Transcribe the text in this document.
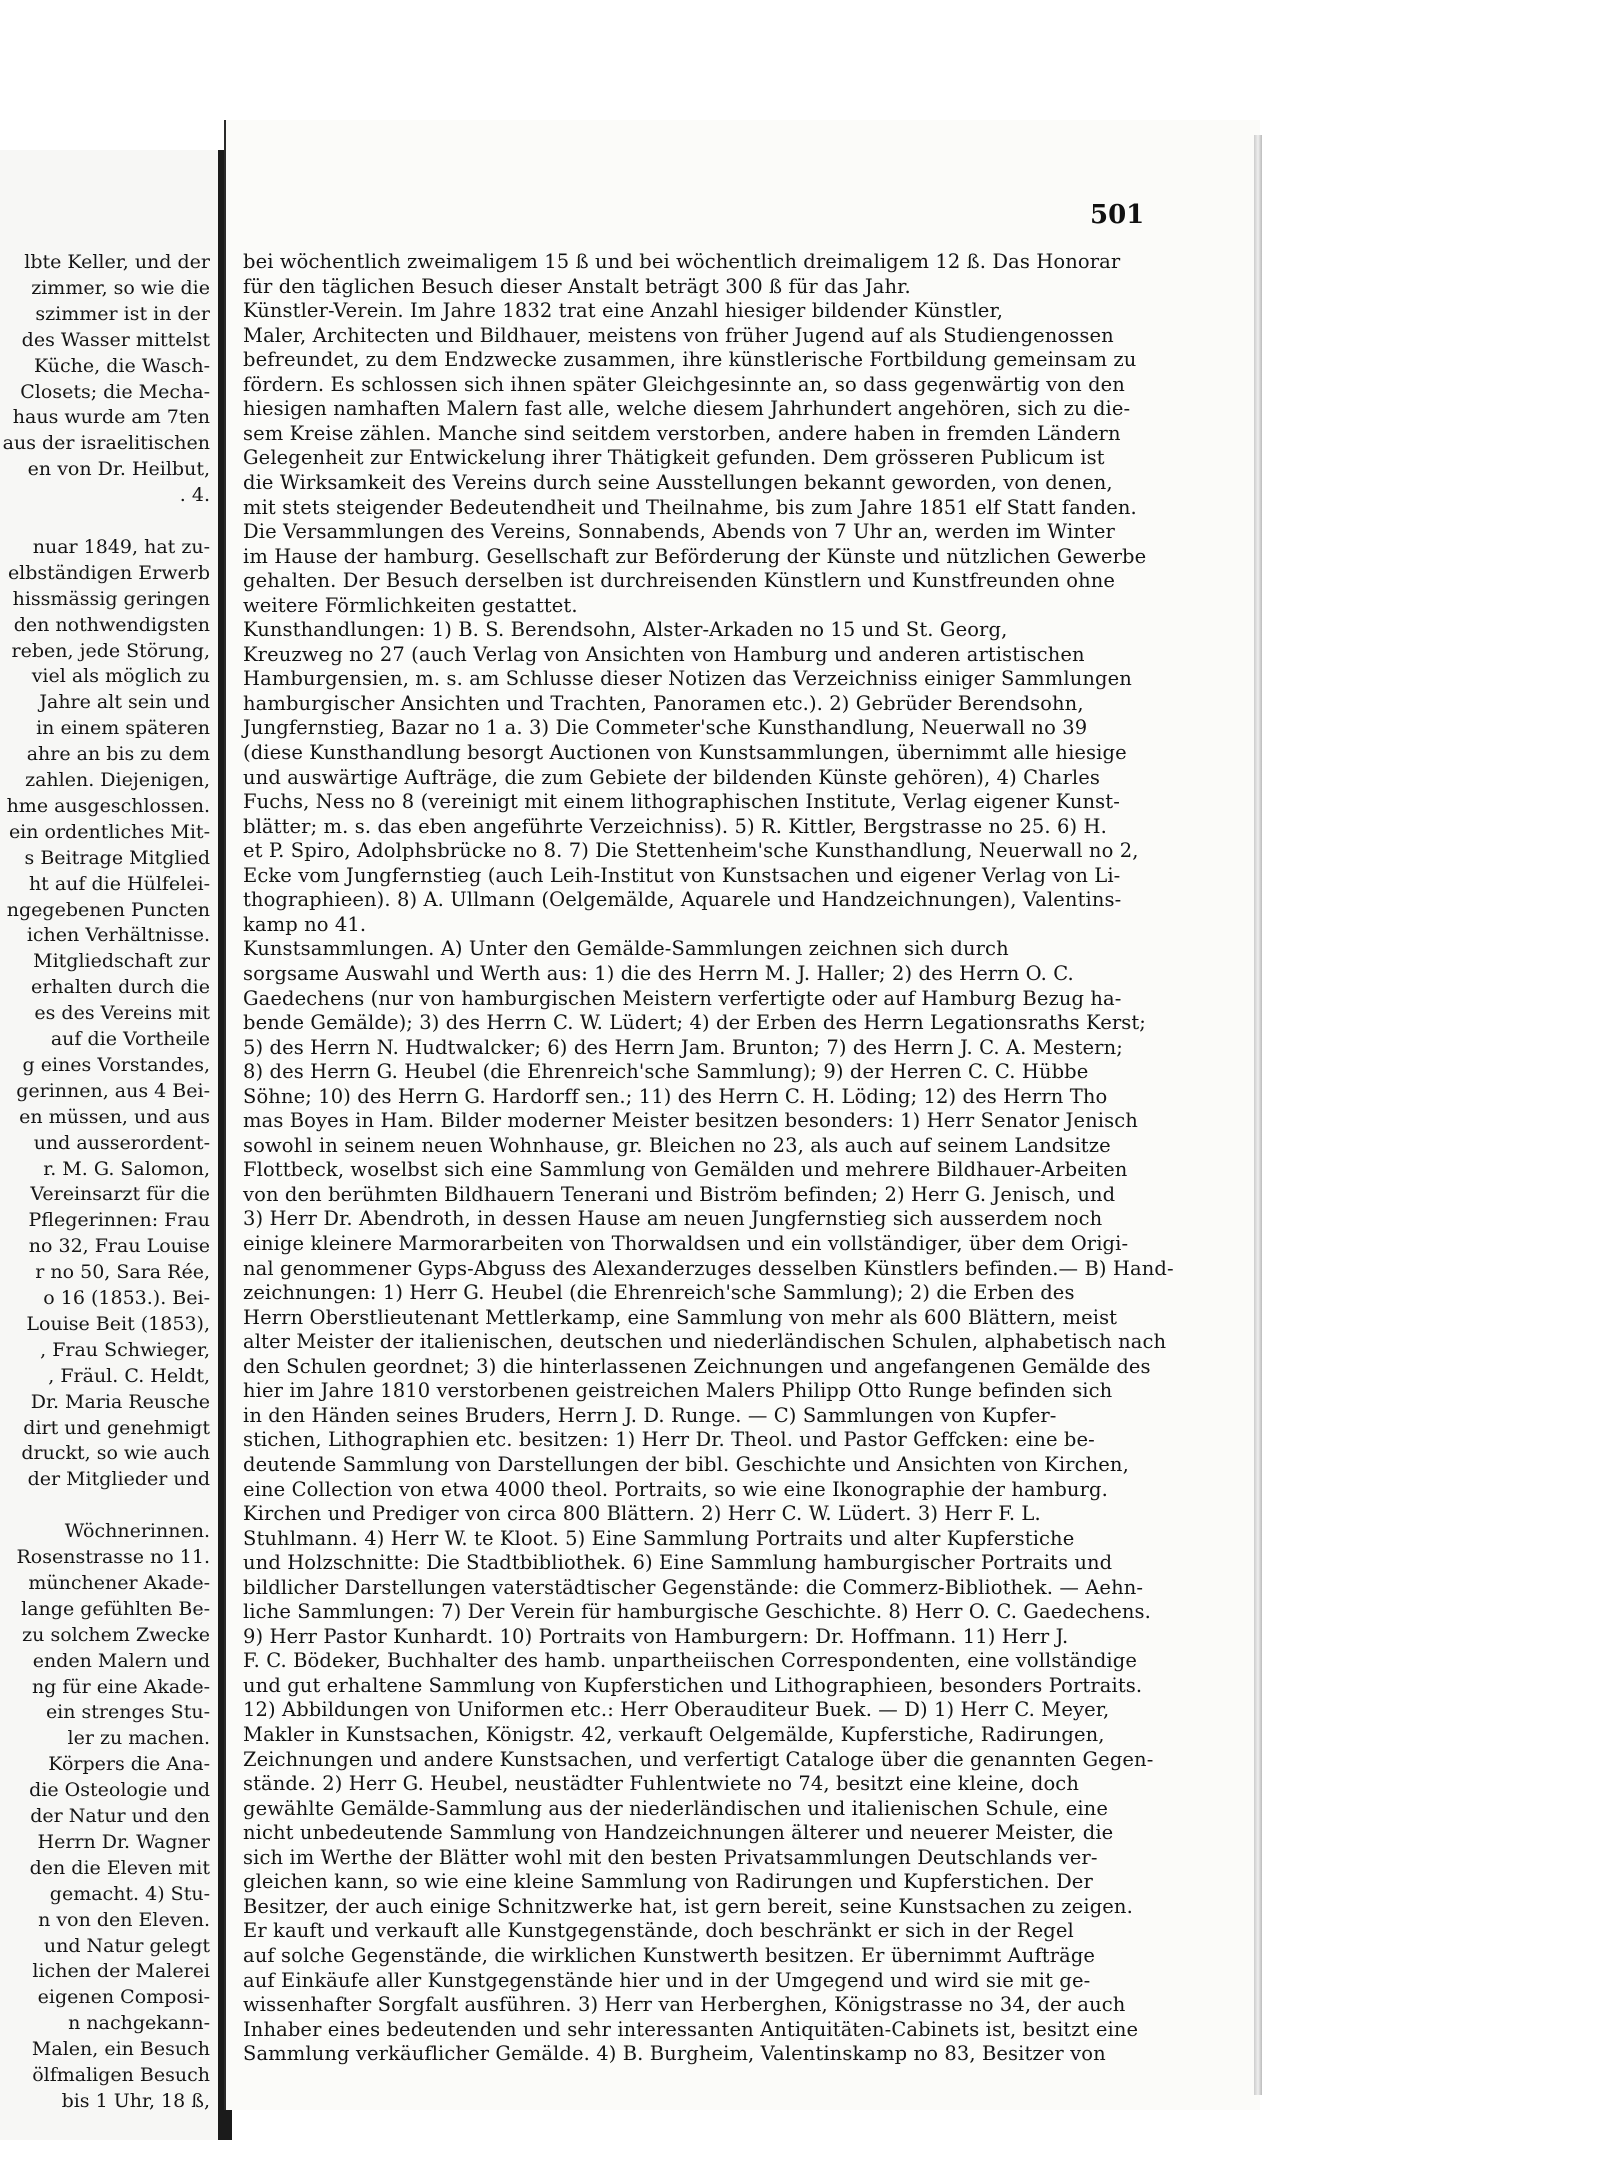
lbte Keller, und der
zimmer, so wie die
szimmer ist in der
des Wasser mittelst
Küche, die Wasch-
Closets; die Mecha-
haus wurde am 7ten
aus der israelitischen
en von Dr. Heilbut,
. 4.
nuar 1849, hat zu-
elbständigen Erwerb
hissmässig geringen
den nothwendigsten
reben, jede Störung,
viel als möglich zu
Jahre alt sein und
in einem späteren
ahre an bis zu dem
zahlen. Diejenigen,
hme ausgeschlossen.
ein ordentliches Mit-
s Beitrage Mitglied
ht auf die Hülfelei-
ngegebenen Puncten
ichen Verhältnisse.
Mitgliedschaft zur
erhalten durch die
es des Vereins mit
auf die Vortheile
g eines Vorstandes,
gerinnen, aus 4 Bei-
en müssen, und aus
und ausserordent-
r. M. G. Salomon,
Vereinsarzt für die
Pflegerinnen: Frau
no 32, Frau Louise
r no 50, Sara Rée,
o 16 (1853.). Bei-
Louise Beit (1853),
, Frau Schwieger,
, Fräul. C. Heldt,
Dr. Maria Reusche
dirt und genehmigt
druckt, so wie auch
der Mitglieder und
Wöchnerinnen.
Rosenstrasse no 11.
münchener Akade-
lange gefühlten Be-
zu solchem Zwecke
enden Malern und
ng für eine Akade-
ein strenges Stu-
ler zu machen.
Körpers die Ana-
die Osteologie und
der Natur und den
Herrn Dr. Wagner
den die Eleven mit
gemacht. 4) Stu-
n von den Eleven.
und Natur gelegt
lichen der Malerei
eigenen Composi-
n nachgekann-
Malen, ein Besuch
ölfmaligen Besuch
bis 1 Uhr, 18 ß,
501
bei wöchentlich zweimaligem 15 ß und bei wöchentlich dreimaligem 12 ß. Das Honorar
für den täglichen Besuch dieser Anstalt beträgt 300 ß für das Jahr.
Künstler-Verein. Im Jahre 1832 trat eine Anzahl hiesiger bildender Künstler,
Maler, Architecten und Bildhauer, meistens von früher Jugend auf als Studiengenossen
befreundet, zu dem Endzwecke zusammen, ihre künstlerische Fortbildung gemeinsam zu
fördern. Es schlossen sich ihnen später Gleichgesinnte an, so dass gegenwärtig von den
hiesigen namhaften Malern fast alle, welche diesem Jahrhundert angehören, sich zu die-
sem Kreise zählen. Manche sind seitdem verstorben, andere haben in fremden Ländern
Gelegenheit zur Entwickelung ihrer Thätigkeit gefunden. Dem grösseren Publicum ist
die Wirksamkeit des Vereins durch seine Ausstellungen bekannt geworden, von denen,
mit stets steigender Bedeutendheit und Theilnahme, bis zum Jahre 1851 elf Statt fanden.
Die Versammlungen des Vereins, Sonnabends, Abends von 7 Uhr an, werden im Winter
im Hause der hamburg. Gesellschaft zur Beförderung der Künste und nützlichen Gewerbe
gehalten. Der Besuch derselben ist durchreisenden Künstlern und Kunstfreunden ohne
weitere Förmlichkeiten gestattet.
Kunsthandlungen: 1) B. S. Berendsohn, Alster-Arkaden no 15 und St. Georg,
Kreuzweg no 27 (auch Verlag von Ansichten von Hamburg und anderen artistischen
Hamburgensien, m. s. am Schlusse dieser Notizen das Verzeichniss einiger Sammlungen
hamburgischer Ansichten und Trachten, Panoramen etc.). 2) Gebrüder Berendsohn,
Jungfernstieg, Bazar no 1 a. 3) Die Commeter'sche Kunsthandlung, Neuerwall no 39
(diese Kunsthandlung besorgt Auctionen von Kunstsammlungen, übernimmt alle hiesige
und auswärtige Aufträge, die zum Gebiete der bildenden Künste gehören), 4) Charles
Fuchs, Ness no 8 (vereinigt mit einem lithographischen Institute, Verlag eigener Kunst-
blätter; m. s. das eben angeführte Verzeichniss). 5) R. Kittler, Bergstrasse no 25. 6) H.
et P. Spiro, Adolphsbrücke no 8. 7) Die Stettenheim'sche Kunsthandlung, Neuerwall no 2,
Ecke vom Jungfernstieg (auch Leih-Institut von Kunstsachen und eigener Verlag von Li-
thographieen). 8) A. Ullmann (Oelgemälde, Aquarele und Handzeichnungen), Valentins-
kamp no 41.
Kunstsammlungen. A) Unter den Gemälde-Sammlungen zeichnen sich durch
sorgsame Auswahl und Werth aus: 1) die des Herrn M. J. Haller; 2) des Herrn O. C.
Gaedechens (nur von hamburgischen Meistern verfertigte oder auf Hamburg Bezug ha-
bende Gemälde); 3) des Herrn C. W. Lüdert; 4) der Erben des Herrn Legationsraths Kerst;
5) des Herrn N. Hudtwalcker; 6) des Herrn Jam. Brunton; 7) des Herrn J. C. A. Mestern;
8) des Herrn G. Heubel (die Ehrenreich'sche Sammlung); 9) der Herren C. C. Hübbe
Söhne; 10) des Herrn G. Hardorff sen.; 11) des Herrn C. H. Löding; 12) des Herrn Tho
mas Boyes in Ham. Bilder moderner Meister besitzen besonders: 1) Herr Senator Jenisch
sowohl in seinem neuen Wohnhause, gr. Bleichen no 23, als auch auf seinem Landsitze
Flottbeck, woselbst sich eine Sammlung von Gemälden und mehrere Bildhauer-Arbeiten
von den berühmten Bildhauern Tenerani und Biström befinden; 2) Herr G. Jenisch, und
3) Herr Dr. Abendroth, in dessen Hause am neuen Jungfernstieg sich ausserdem noch
einige kleinere Marmorarbeiten von Thorwaldsen und ein vollständiger, über dem Origi-
nal genommener Gyps-Abguss des Alexanderzuges desselben Künstlers befinden.— B) Hand-
zeichnungen: 1) Herr G. Heubel (die Ehrenreich'sche Sammlung); 2) die Erben des
Herrn Oberstlieutenant Mettlerkamp, eine Sammlung von mehr als 600 Blättern, meist
alter Meister der italienischen, deutschen und niederländischen Schulen, alphabetisch nach
den Schulen geordnet; 3) die hinterlassenen Zeichnungen und angefangenen Gemälde des
hier im Jahre 1810 verstorbenen geistreichen Malers Philipp Otto Runge befinden sich
in den Händen seines Bruders, Herrn J. D. Runge. — C) Sammlungen von Kupfer-
stichen, Lithographien etc. besitzen: 1) Herr Dr. Theol. und Pastor Geffcken: eine be-
deutende Sammlung von Darstellungen der bibl. Geschichte und Ansichten von Kirchen,
eine Collection von etwa 4000 theol. Portraits, so wie eine Ikonographie der hamburg.
Kirchen und Prediger von circa 800 Blättern. 2) Herr C. W. Lüdert. 3) Herr F. L.
Stuhlmann. 4) Herr W. te Kloot. 5) Eine Sammlung Portraits und alter Kupferstiche
und Holzschnitte: Die Stadtbibliothek. 6) Eine Sammlung hamburgischer Portraits und
bildlicher Darstellungen vaterstädtischer Gegenstände: die Commerz-Bibliothek. — Aehn-
liche Sammlungen: 7) Der Verein für hamburgische Geschichte. 8) Herr O. C. Gaedechens.
9) Herr Pastor Kunhardt. 10) Portraits von Hamburgern: Dr. Hoffmann. 11) Herr J.
F. C. Bödeker, Buchhalter des hamb. unpartheiischen Correspondenten, eine vollständige
und gut erhaltene Sammlung von Kupferstichen und Lithographieen, besonders Portraits.
12) Abbildungen von Uniformen etc.: Herr Oberauditeur Buek. — D) 1) Herr C. Meyer,
Makler in Kunstsachen, Königstr. 42, verkauft Oelgemälde, Kupferstiche, Radirungen,
Zeichnungen und andere Kunstsachen, und verfertigt Cataloge über die genannten Gegen-
stände. 2) Herr G. Heubel, neustädter Fuhlentwiete no 74, besitzt eine kleine, doch
gewählte Gemälde-Sammlung aus der niederländischen und italienischen Schule, eine
nicht unbedeutende Sammlung von Handzeichnungen älterer und neuerer Meister, die
sich im Werthe der Blätter wohl mit den besten Privatsammlungen Deutschlands ver-
gleichen kann, so wie eine kleine Sammlung von Radirungen und Kupferstichen. Der
Besitzer, der auch einige Schnitzwerke hat, ist gern bereit, seine Kunstsachen zu zeigen.
Er kauft und verkauft alle Kunstgegenstände, doch beschränkt er sich in der Regel
auf solche Gegenstände, die wirklichen Kunstwerth besitzen. Er übernimmt Aufträge
auf Einkäufe aller Kunstgegenstände hier und in der Umgegend und wird sie mit ge-
wissenhafter Sorgfalt ausführen. 3) Herr van Herberghen, Königstrasse no 34, der auch
Inhaber eines bedeutenden und sehr interessanten Antiquitäten-Cabinets ist, besitzt eine
Sammlung verkäuflicher Gemälde. 4) B. Burgheim, Valentinskamp no 83, Besitzer von
